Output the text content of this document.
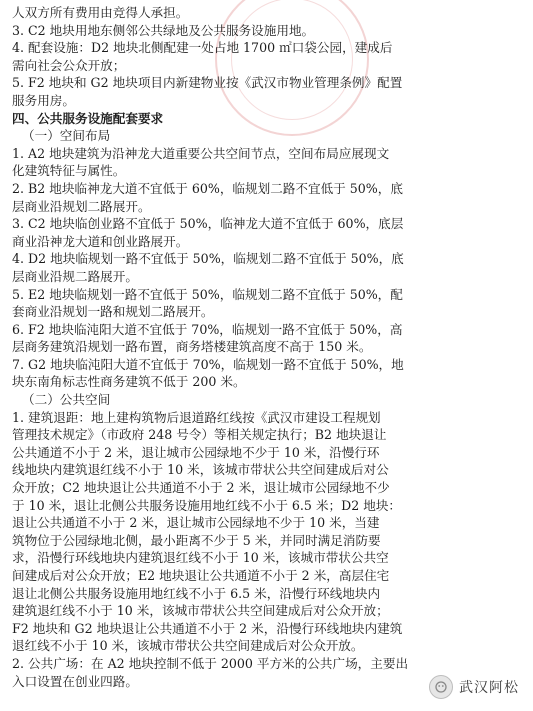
人双方所有费用由竞得人承担。
3. C2 地块用地东侧邻公共绿地及公共服务设施用地。
4. 配套设施：D2 地块北侧配建一处占地 1700 ㎡口袋公园，建成后
需向社会公众开放；
5. F2 地块和 G2 地块项目内新建物业按《武汉市物业管理条例》配置
服务用房。
四、公共服务设施配套要求
（一）空间布局
1. A2 地块建筑为沿神龙大道重要公共空间节点，空间布局应展现文
化建筑特征与属性。
2. B2 地块临神龙大道不宜低于 60%，临规划二路不宜低于 50%，底
层商业沿规划二路展开。
3. C2 地块临创业路不宜低于 50%，临神龙大道不宜低于 60%，底层
商业沿神龙大道和创业路展开。
4. D2 地块临规划一路不宜低于 50%，临规划二路不宜低于 50%，底
层商业沿规二路展开。
5. E2 地块临规划一路不宜低于 50%，临规划二路不宜低于 50%，配
套商业沿规划一路和规划二路展开。
6. F2 地块临沌阳大道不宜低于 70%，临规划一路不宜低于 50%，高
层商务建筑沿规划一路布置，商务塔楼建筑高度不高于 150 米。
7. G2 地块临沌阳大道不宜低于 70%，临规划一路不宜低于 50%，地
块东南角标志性商务建筑不低于 200 米。
（二）公共空间
1. 建筑退距：地上建构筑物后退道路红线按《武汉市建设工程规划
管理技术规定》（市政府 248 号令）等相关规定执行；B2 地块退让
公共通道不小于 2 米，退让城市公园绿地不少于 10 米，沿慢行环
线地块内建筑退红线不小于 10 米，该城市带状公共空间建成后对公
众开放；C2 地块退让公共通道不小于 2 米，退让城市公园绿地不少
于 10 米，退让北侧公共服务设施用地红线不小于 6.5 米；D2 地块：
退让公共通道不小于 2 米，退让城市公园绿地不少于 10 米，当建
筑物位于公园绿地北侧，最小距离不少于 5 米，并同时满足消防要
求，沿慢行环线地块内建筑退红线不小于 10 米，该城市带状公共空
间建成后对公众开放；E2 地块退让公共通道不小于 2 米，高层住宅
退让北侧公共服务设施用地红线不小于 6.5 米，沿慢行环线地块内
建筑退红线不小于 10 米，该城市带状公共空间建成后对公众开放；
F2 地块和 G2 地块退让公共通道不小于 2 米，沿慢行环线地块内建筑
退红线不小于 10 米，该城市带状公共空间建成后对公众开放。
2. 公共广场：在 A2 地块控制不低于 2000 平方米的公共广场，主要出
入口设置在创业四路。	武汉阿松
